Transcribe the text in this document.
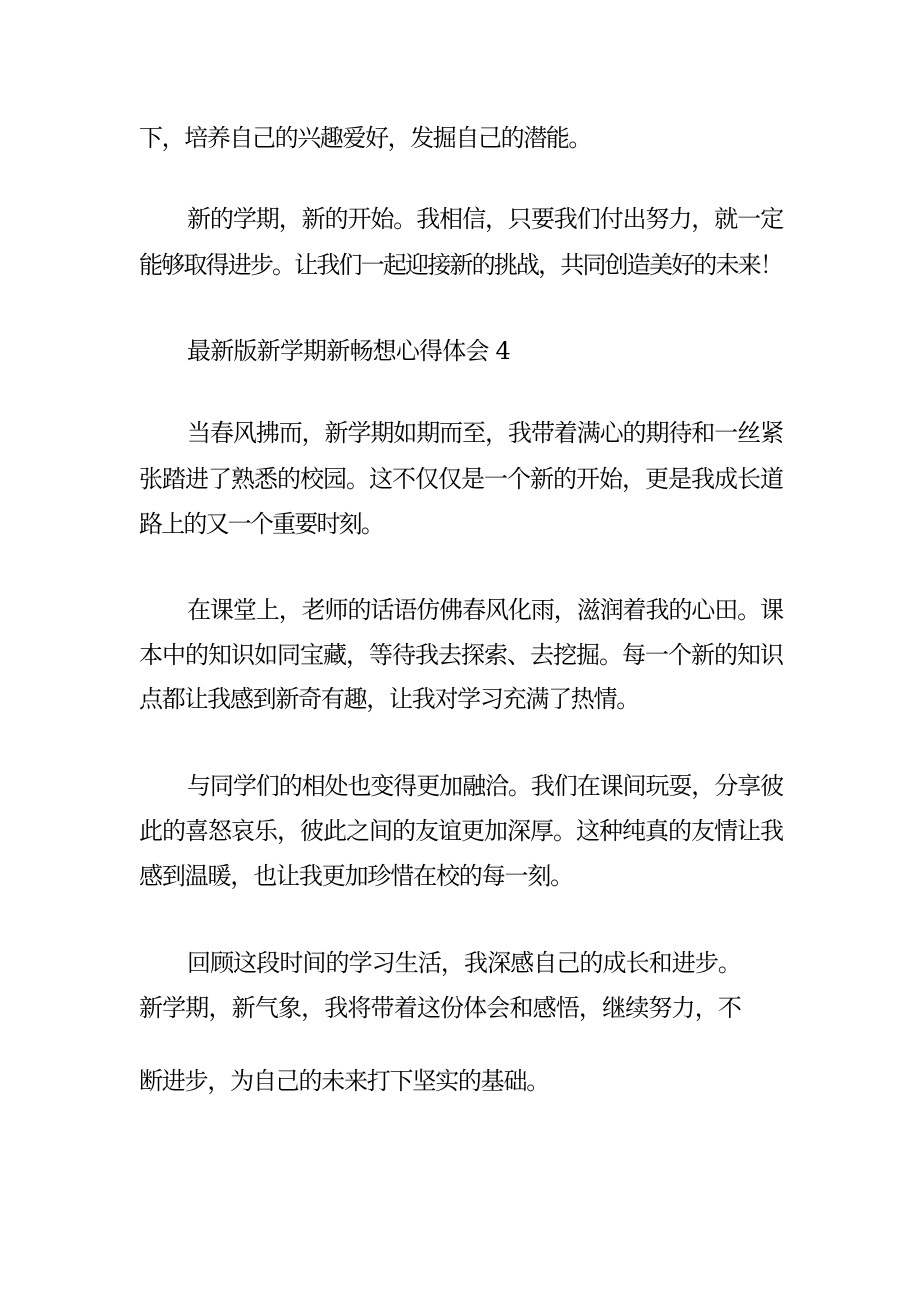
下，培养自己的兴趣爱好，发掘自己的潜能。

新的学期，新的开始。我相信，只要我们付出努力，就一定

能够取得进步。让我们一起迎接新的挑战，共同创造美好的未来！

最新版新学期新畅想心得体会 4

当春风拂而，新学期如期而至，我带着满心的期待和一丝紧

张踏进了熟悉的校园。这不仅仅是一个新的开始，更是我成长道

路上的又一个重要时刻。

在课堂上，老师的话语仿佛春风化雨，滋润着我的心田。课

本中的知识如同宝藏，等待我去探索、去挖掘。每一个新的知识

点都让我感到新奇有趣，让我对学习充满了热情。

与同学们的相处也变得更加融洽。我们在课间玩耍，分享彼

此的喜怒哀乐，彼此之间的友谊更加深厚。这种纯真的友情让我

感到温暖，也让我更加珍惜在校的每一刻。

回顾这段时间的学习生活，我深感自己的成长和进步。

新学期，新气象，我将带着这份体会和感悟，继续努力，不

断进步，为自己的未来打下坚实的基础。
